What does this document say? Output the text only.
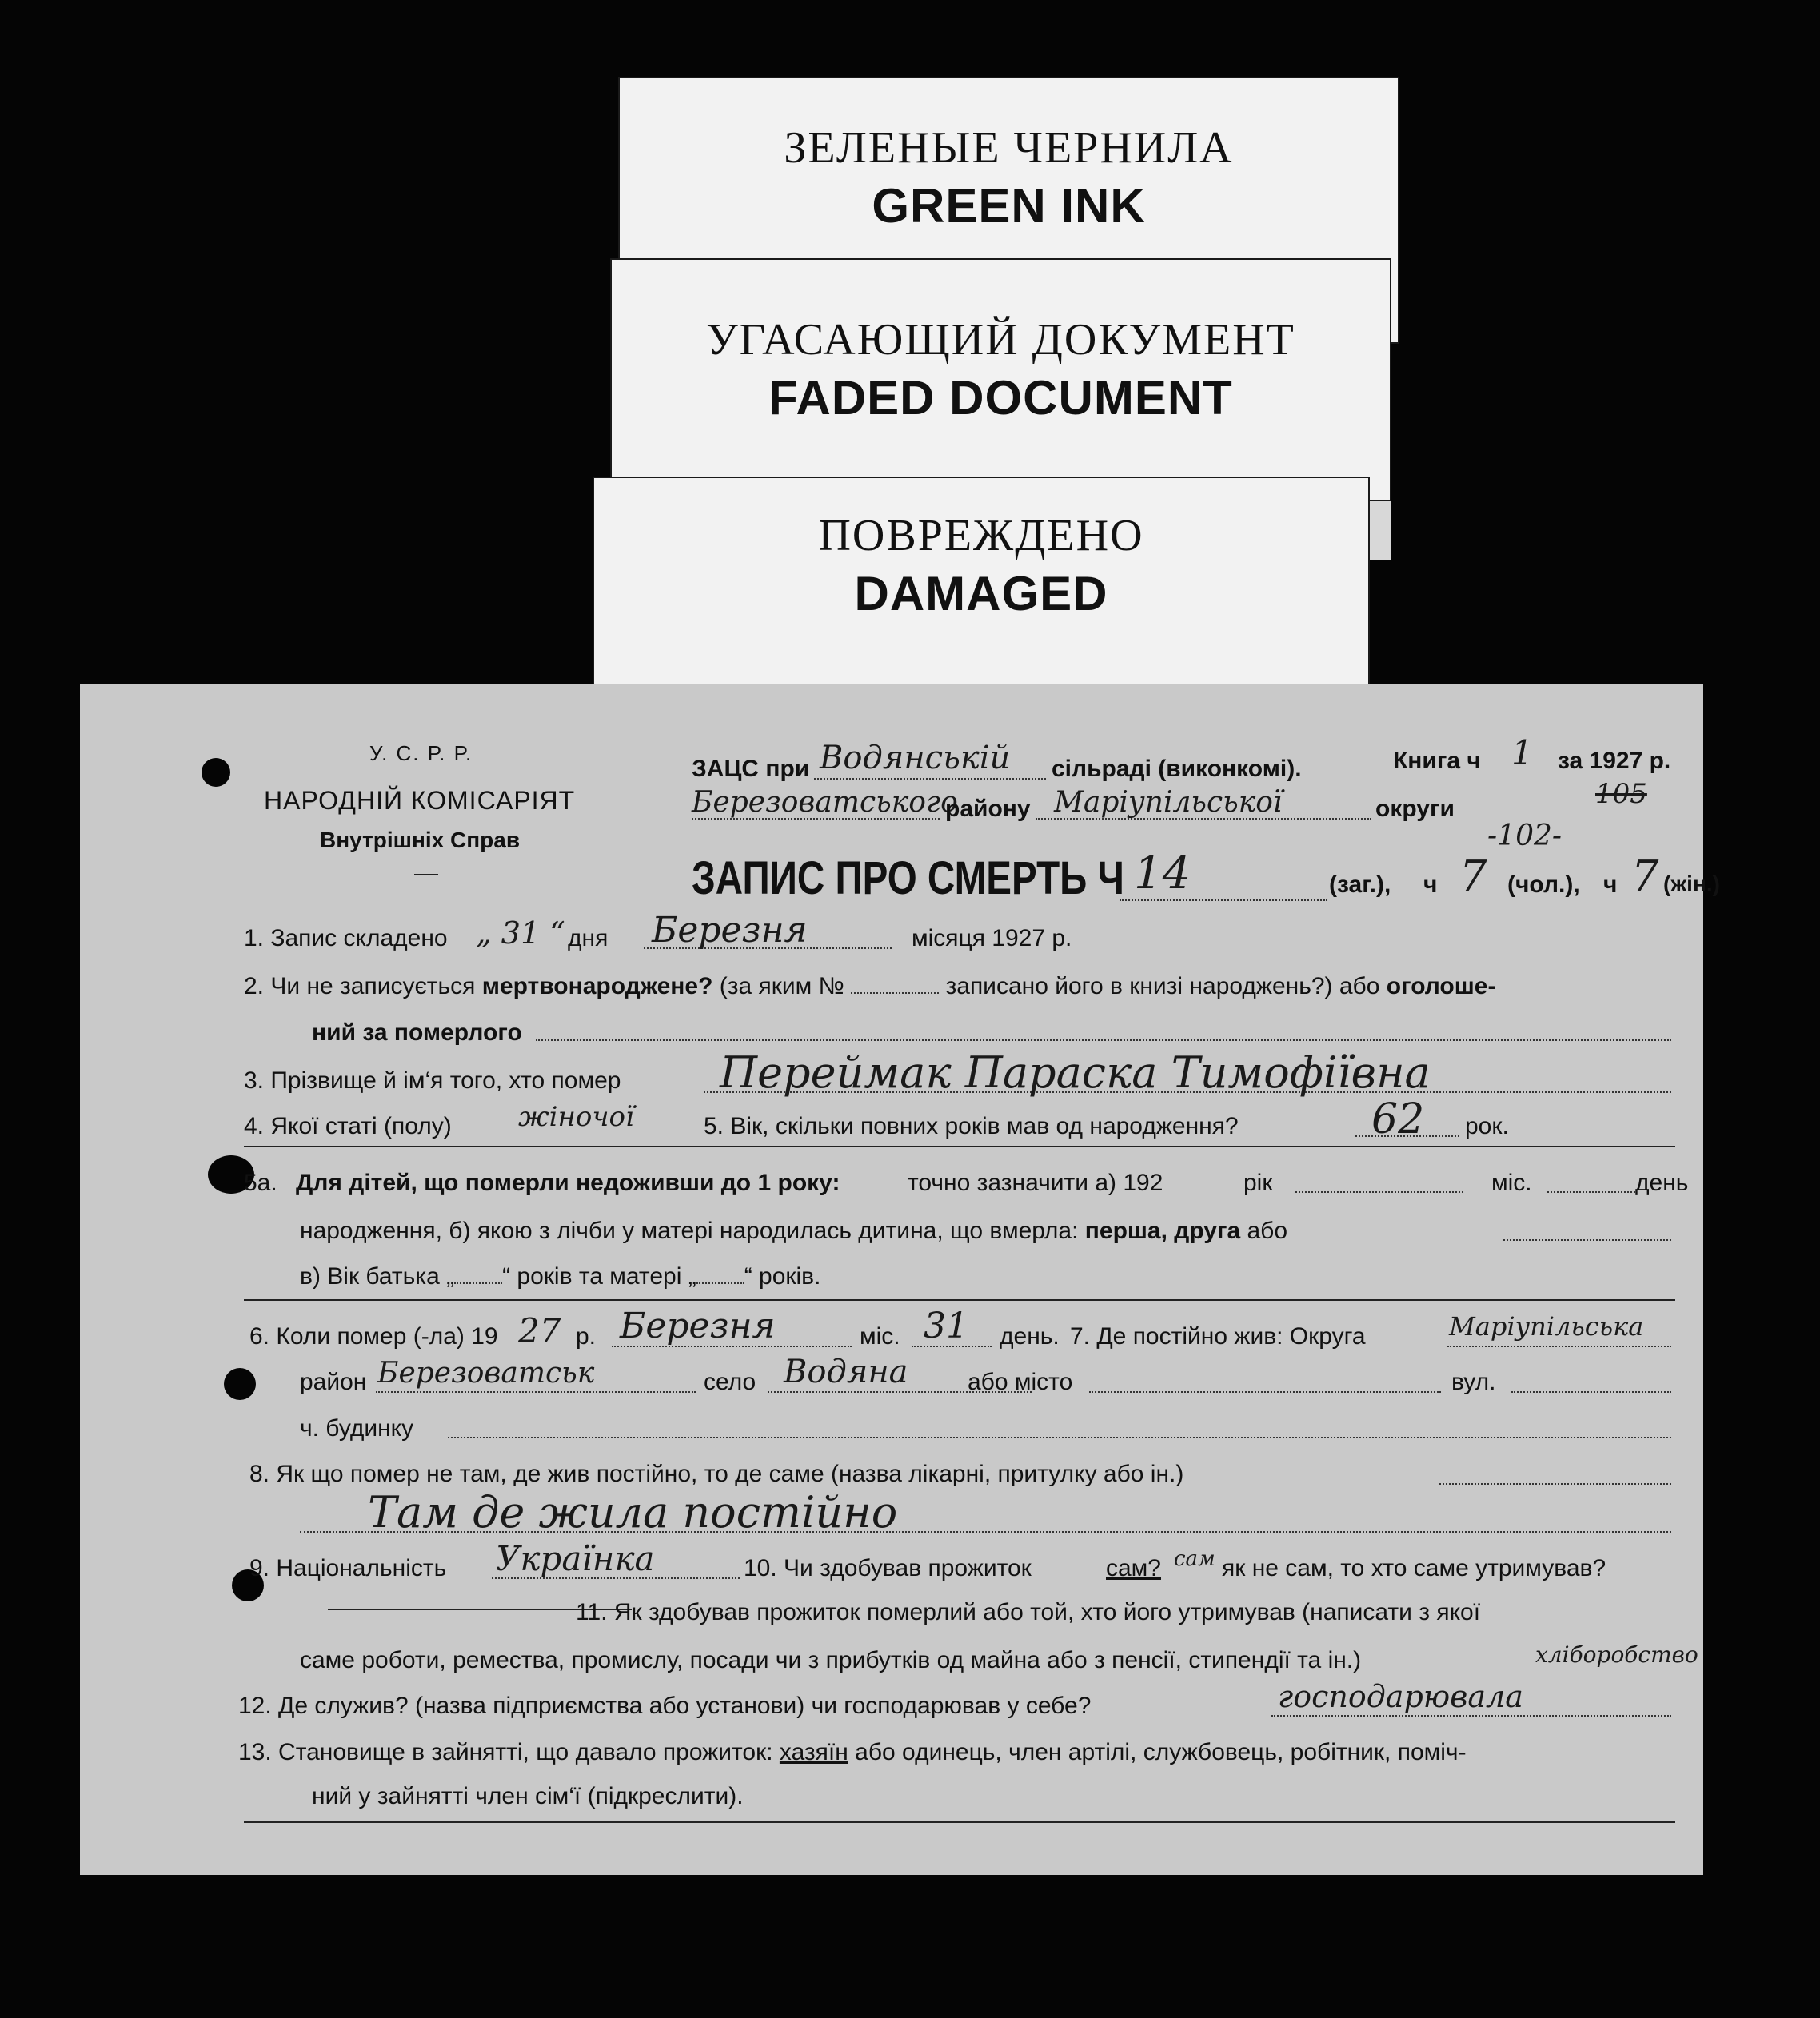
ЗЕЛЕНЫЕ ЧЕРНИЛА
GREEN INK
УГАСАЮЩИЙ ДОКУМЕНТ
FADED DOCUMENT
ПОВРЕЖДЕНО
DAMAGED
У. С. Р. Р.
НАРОДНІЙ КОМІСАРІЯТ
Внутрішніх Справ
ЗАЦС при Водянській сільраді (виконкомі).	Книга ч 1 за 1927 р.
105
Березоватського
району Маріупільської	округи
-102-
ЗАПИС ПРО СМЕРТЬ Ч 14	(заг.), ч 7 (чол.), ч 7 (жін.)
1. Запис складено „ 31 “ дня Березня	місяця 1927 р.
2. Чи не записується мертвонароджене? (за яким №	записано його в книзі народжень?) або оголоше-
ний за померлого
3. Прізвище й ім‘я того, хто помер Переймак Параска Тимофіївна
4. Якої статі (полу) жіночої	5. Вік, скільки повних років мав од народження?	62 рок.
5а. Для дітей, що померли недоживши до 1 року:	точно зазначити а) 192	рік	міс.	день
народження, б) якою з лічби у матері народилась дитина, що вмерла: перша, друга або
в) Вік батька „ “ років та матері „ “ років.
6. Коли помер (-ла) 19 27 р. Березня	міс. 31 день. 7. Де постійно жив: Округа	Маріупільська
район Березоватськ	село Водяна або місто	вул.
ч. будинку
8. Як що помер не там, де жив постійно, то де саме (назва лікарні, притулку або ін.)
Там де жила постійно
9. Національність Українка	10. Чи здобував прожиток	сам? сам як не сам, то хто саме утримував?
11. Як здобував прожиток померлий або той, хто його утримував (написати з якої
саме роботи, ремества, промислу, посади чи з прибутків од майна або з пенсії, стипендії та ін.)	хліборобство
12. Де служив? (назва підприємства або установи) чи господарював у себе?	господарювала
13. Становище в зайнятті, що давало прожиток: хазяїн або одинець, член артілі, службовець, робітник, поміч-
ний у зайнятті член сім‘ї (підкреслити).
